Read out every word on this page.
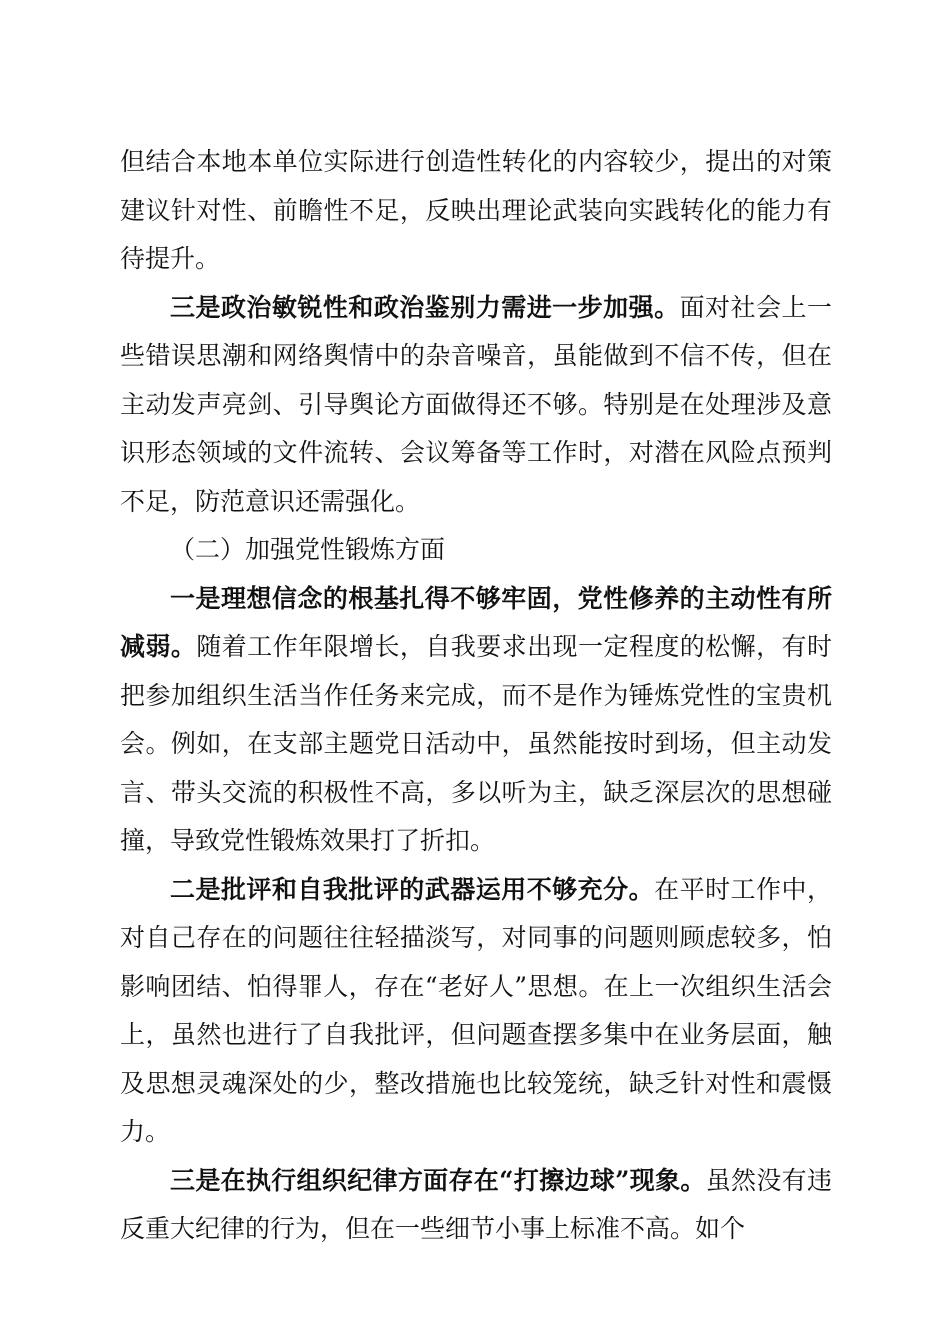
但结合本地本单位实际进行创造性转化的内容较少，提出的对策建议针对性、前瞻性不足，反映出理论武装向实践转化的能力有待提升。

三是政治敏锐性和政治鉴别力需进一步加强。面对社会上一些错误思潮和网络舆情中的杂音噪音，虽能做到不信不传，但在主动发声亮剑、引导舆论方面做得还不够。特别是在处理涉及意识形态领域的文件流转、会议筹备等工作时，对潜在风险点预判不足，防范意识还需强化。

（二）加强党性锻炼方面

一是理想信念的根基扎得不够牢固，党性修养的主动性有所减弱。随着工作年限增长，自我要求出现一定程度的松懈，有时把参加组织生活当作任务来完成，而不是作为锤炼党性的宝贵机会。例如，在支部主题党日活动中，虽然能按时到场，但主动发言、带头交流的积极性不高，多以听为主，缺乏深层次的思想碰撞，导致党性锻炼效果打了折扣。

二是批评和自我批评的武器运用不够充分。在平时工作中，对自己存在的问题往往轻描淡写，对同事的问题则顾虑较多，怕影响团结、怕得罪人，存在“老好人”思想。在上一次组织生活会上，虽然也进行了自我批评，但问题查摆多集中在业务层面，触及思想灵魂深处的少，整改措施也比较笼统，缺乏针对性和震慑力。

三是在执行组织纪律方面存在“打擦边球”现象。虽然没有违反重大纪律的行为，但在一些细节小事上标准不高。如个
